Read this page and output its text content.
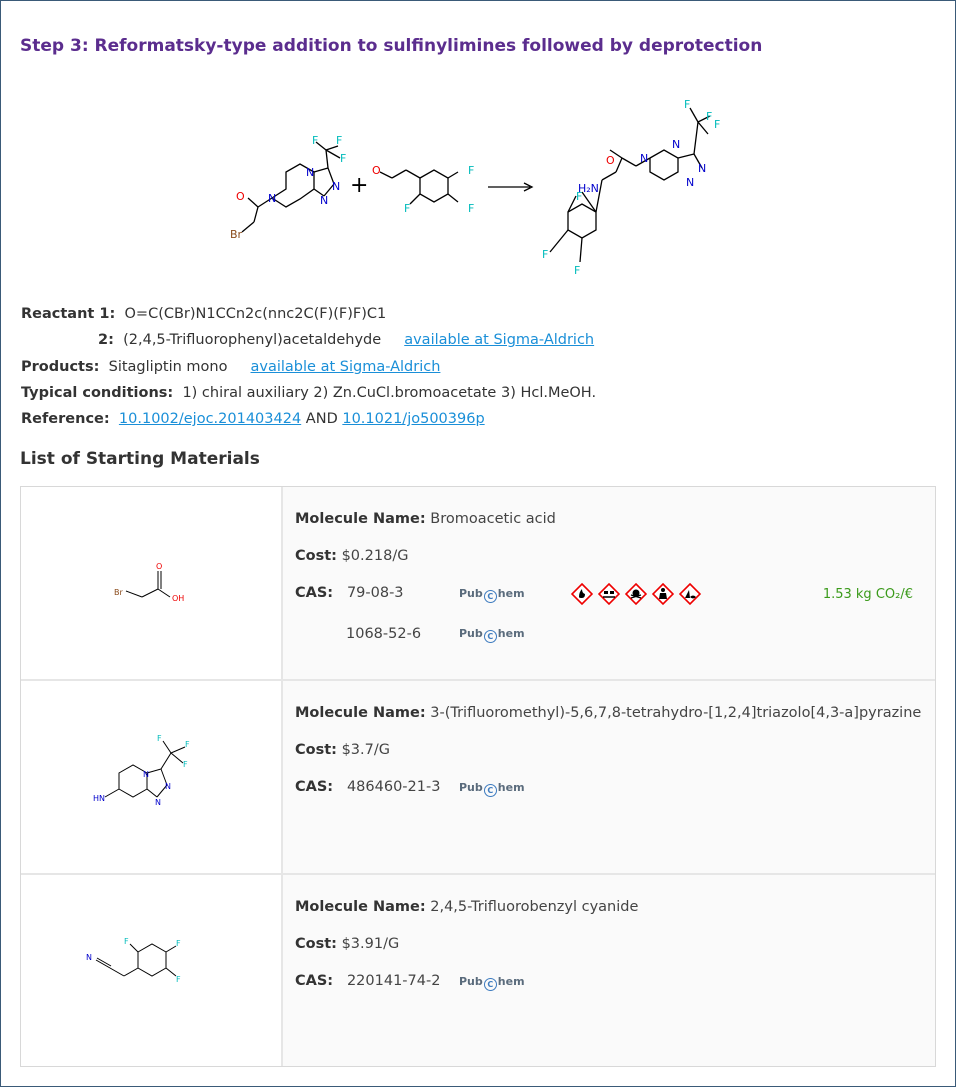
Step 3: Reformatsky-type addition to sulfinylimines followed by deprotection
O N
N
N
N
F F
F
Br
+
O	F
F
F
O N
N
N
N
F
F
F
H₂N
F
F
F
Reactant 1: O=C(CBr)N1CCn2c(nnc2C(F)(F)F)C1
2: (2,4,5-Trifluorophenyl)acetaldehyde available at Sigma-Aldrich
Products: Sitagliptin mono available at Sigma-Aldrich
Typical conditions: 1) chiral auxiliary 2) Zn.CuCl.bromoacetate 3) Hcl.MeOH.
Reference: 10.1002/ejoc.201403424 AND 10.1021/jo500396p
List of Starting Materials
Br
O
OH
Molecule Name: Bromoacetic acid
Cost: $0.218/G
CAS: 79-08-3	Pub C hem	1.53 kg CO₂/€
1068-52-6	Pub C hem
HN
N
N
N
F
F
F
Molecule Name: 3-(Trifluoromethyl)-5,6,7,8-tetrahydro-[1,2,4]triazolo[4,3-a]pyrazine
Cost: $3.7/G
CAS: 486460-21-3 Pub C hem
N
F	F
F
Molecule Name: 2,4,5-Trifluorobenzyl cyanide
Cost: $3.91/G
CAS: 220141-74-2 Pub C hem
